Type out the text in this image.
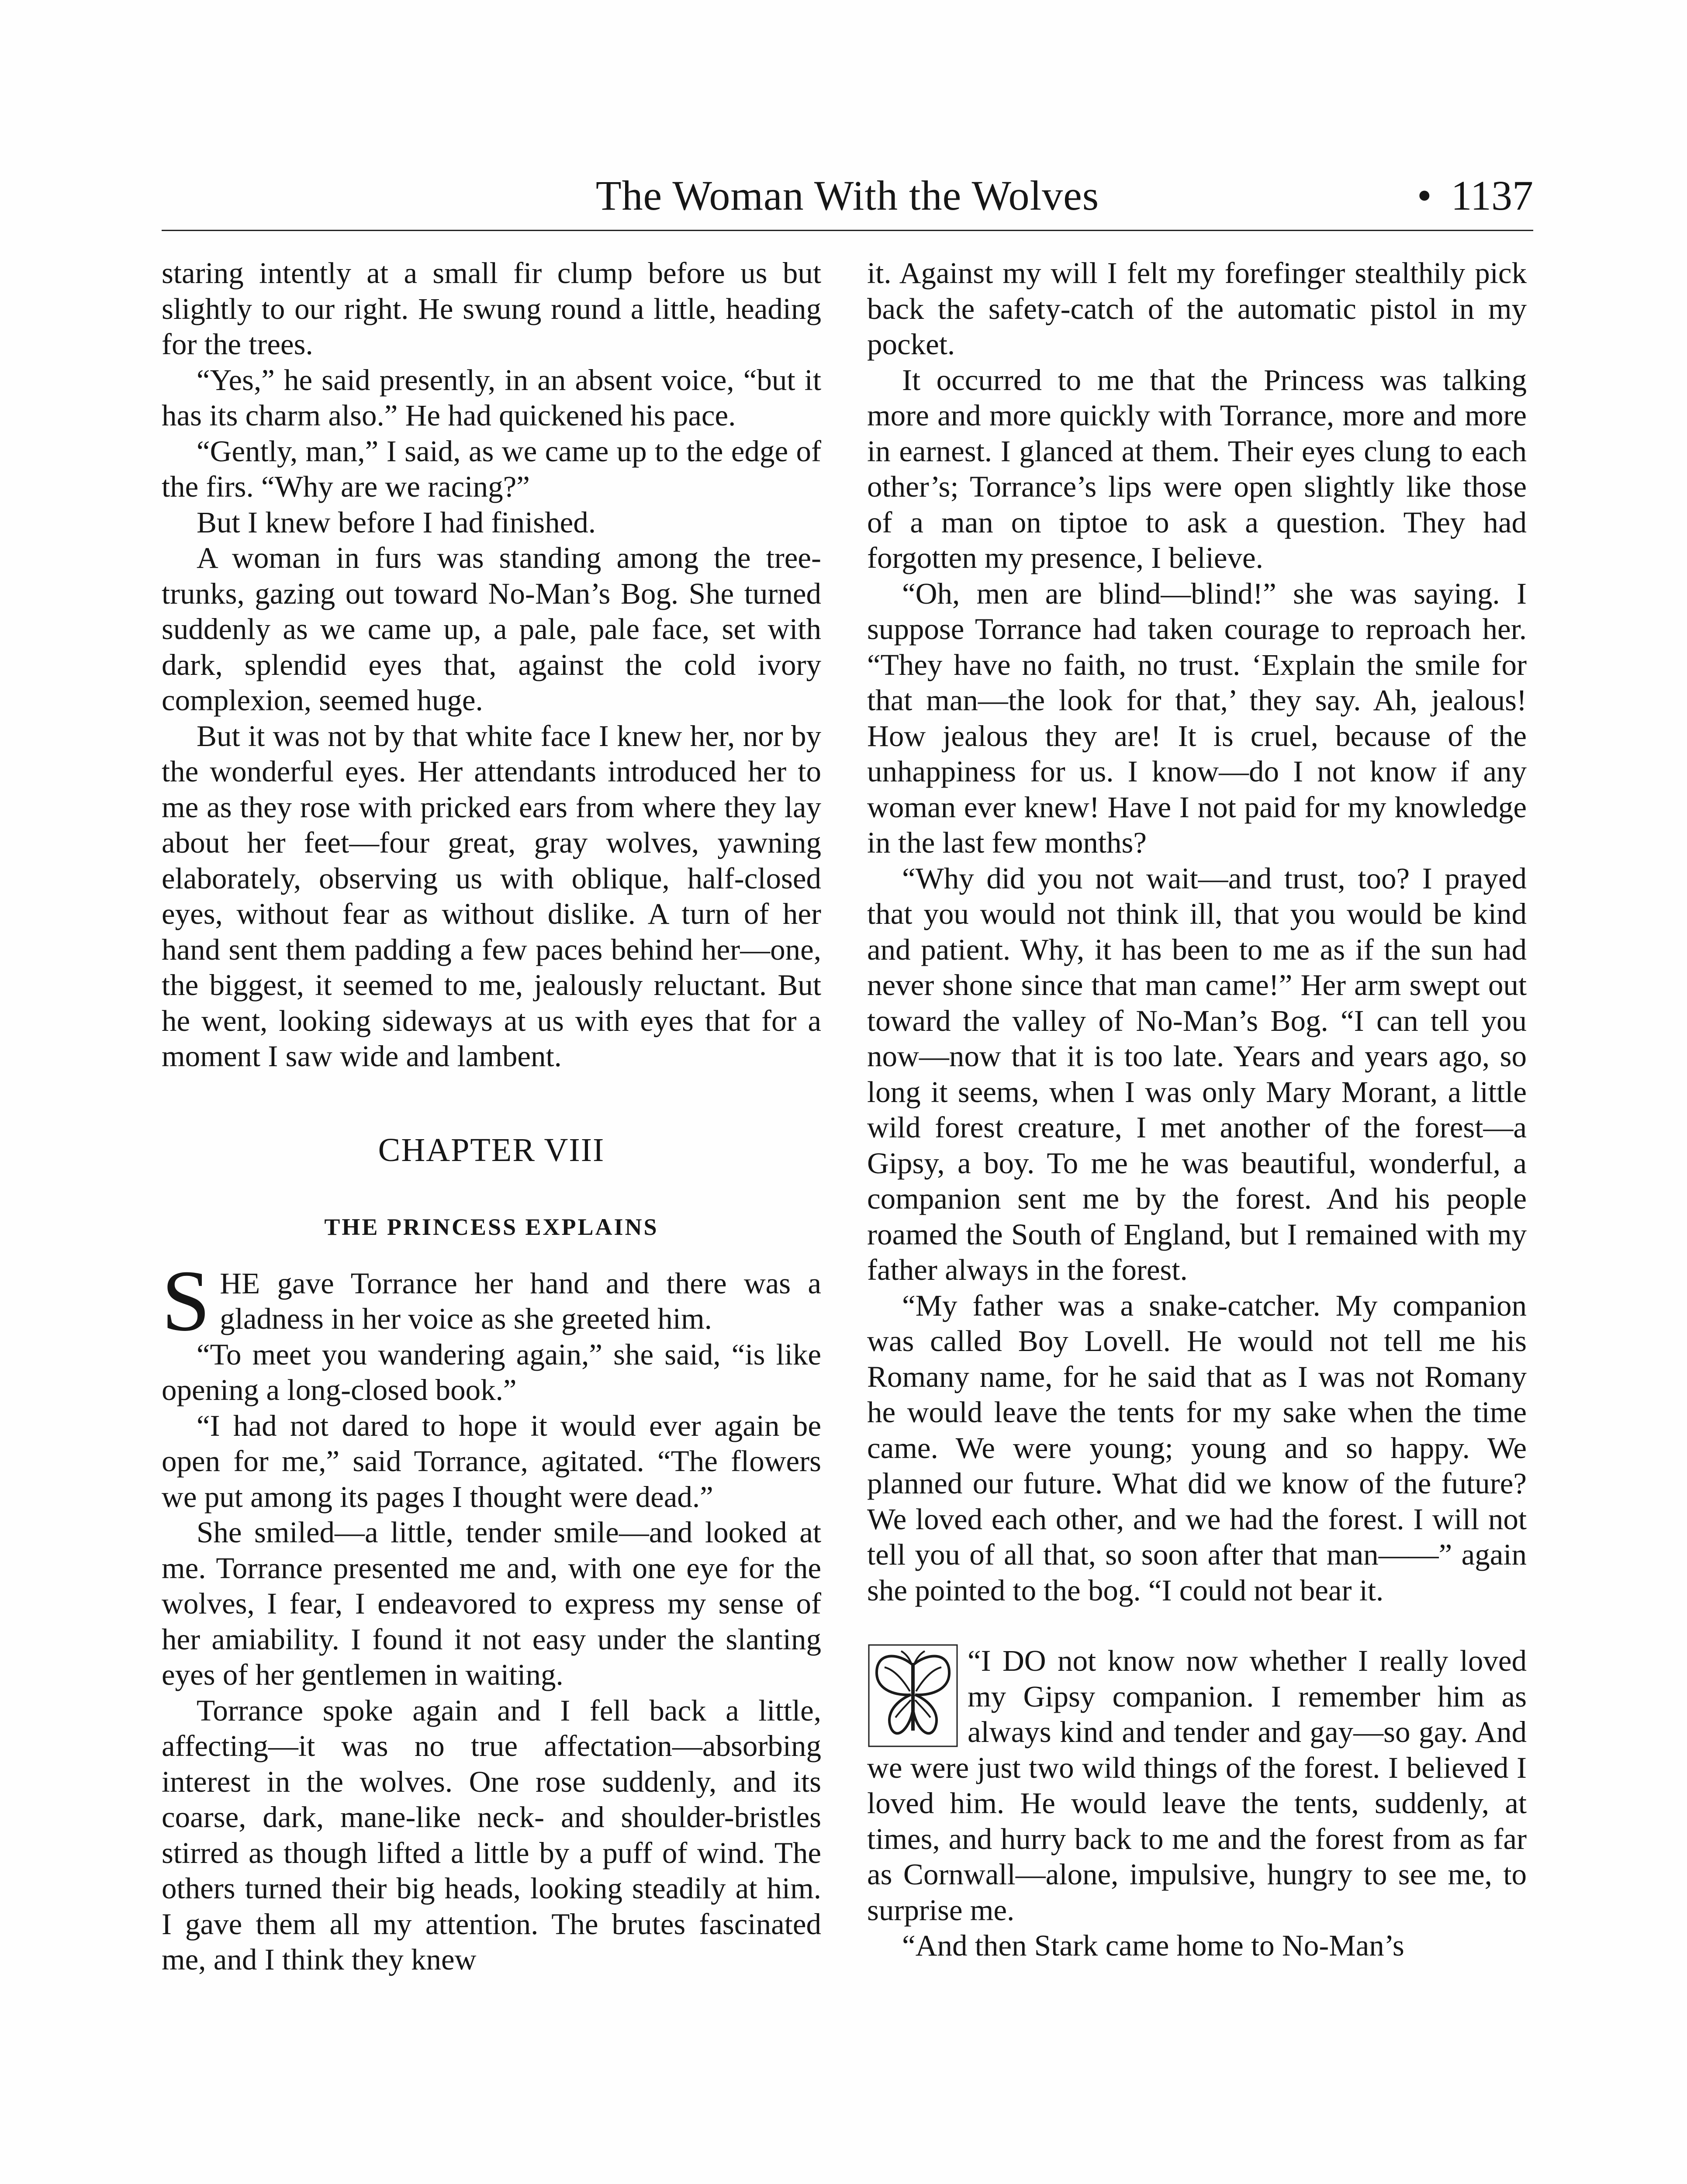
The Woman With the Wolves	• 1137

staring intently at a small fir clump before us but slightly to our right. He swung round a little, heading for the trees.

“Yes,” he said presently, in an absent voice, “but it has its charm also.” He had quickened his pace.

“Gently, man,” I said, as we came up to the edge of the firs. “Why are we racing?”

But I knew before I had finished.

A woman in furs was standing among the tree-trunks, gazing out toward No-Man’s Bog. She turned suddenly as we came up, a pale, pale face, set with dark, splendid eyes that, against the cold ivory complexion, seemed huge.

But it was not by that white face I knew her, nor by the wonderful eyes. Her attendants introduced her to me as they rose with pricked ears from where they lay about her feet—four great, gray wolves, yawning elaborately, observing us with oblique, half-closed eyes, without fear as without dislike. A turn of her hand sent them padding a few paces behind her—one, the biggest, it seemed to me, jealously reluctant. But he went, looking sideways at us with eyes that for a moment I saw wide and lambent.

CHAPTER VIII
THE PRINCESS EXPLAINS

SHE gave Torrance her hand and there was a gladness in her voice as she greeted him.

“To meet you wandering again,” she said, “is like opening a long-closed book.”

“I had not dared to hope it would ever again be open for me,” said Torrance, agitated. “The flowers we put among its pages I thought were dead.”

She smiled—a little, tender smile—and looked at me. Torrance presented me and, with one eye for the wolves, I fear, I endeavored to express my sense of her amiability. I found it not easy under the slanting eyes of her gentlemen in waiting.

Torrance spoke again and I fell back a little, affecting—it was no true affectation—absorbing interest in the wolves. One rose suddenly, and its coarse, dark, mane-like neck- and shoulder-bristles stirred as though lifted a little by a puff of wind. The others turned their big heads, looking steadily at him. I gave them all my attention. The brutes fascinated me, and I think they knew

it. Against my will I felt my forefinger stealthily pick back the safety-catch of the automatic pistol in my pocket.

It occurred to me that the Princess was talking more and more quickly with Torrance, more and more in earnest. I glanced at them. Their eyes clung to each other’s; Torrance’s lips were open slightly like those of a man on tiptoe to ask a question. They had forgotten my presence, I believe.

“Oh, men are blind—blind!” she was saying. I suppose Torrance had taken courage to reproach her. “They have no faith, no trust. ‘Explain the smile for that man—the look for that,’ they say. Ah, jealous! How jealous they are! It is cruel, because of the unhappiness for us. I know—do I not know if any woman ever knew! Have I not paid for my knowledge in the last few months?

“Why did you not wait—and trust, too? I prayed that you would not think ill, that you would be kind and patient. Why, it has been to me as if the sun had never shone since that man came!” Her arm swept out toward the valley of No-Man’s Bog. “I can tell you now—now that it is too late. Years and years ago, so long it seems, when I was only Mary Morant, a little wild forest creature, I met another of the forest—a Gipsy, a boy. To me he was beautiful, wonderful, a companion sent me by the forest. And his people roamed the South of England, but I remained with my father always in the forest.

“My father was a snake-catcher. My companion was called Boy Lovell. He would not tell me his Romany name, for he said that as I was not Romany he would leave the tents for my sake when the time came. We were young; young and so happy. We planned our future. What did we know of the future? We loved each other, and we had the forest. I will not tell you of all that, so soon after that man——” again she pointed to the bog. “I could not bear it.

“I DO not know now whether I really loved my Gipsy companion. I remember him as always kind and tender and gay—so gay. And we were just two wild things of the forest. I believed I loved him. He would leave the tents, suddenly, at times, and hurry back to me and the forest from as far as Cornwall—alone, impulsive, hungry to see me, to surprise me.

“And then Stark came home to No-Man’s
